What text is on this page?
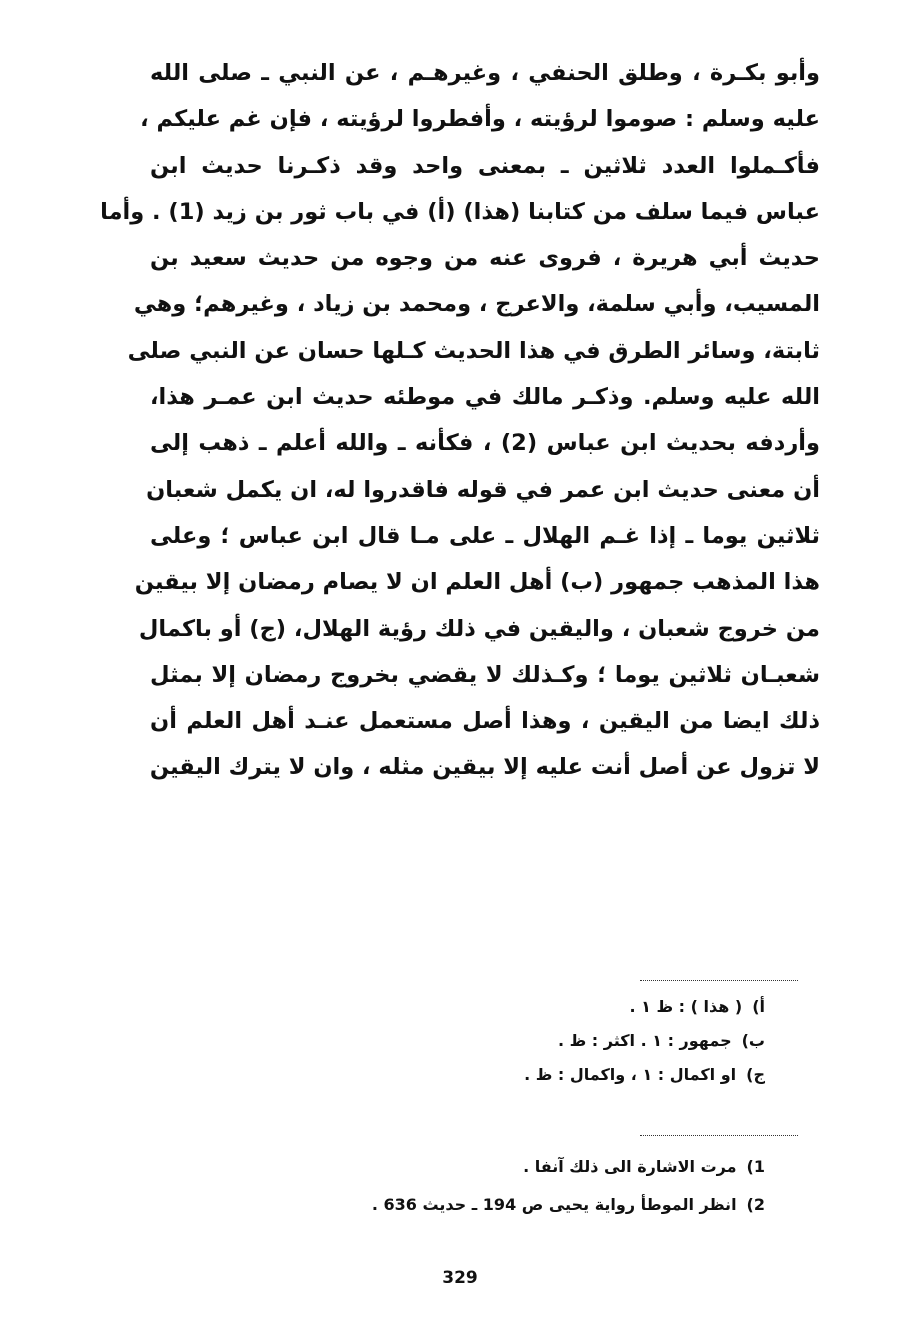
وأبو بكـرة ، وطلق الحنفي ، وغيرهـم ، عن النبي ـ صلى الله
عليه وسلم : صوموا لرؤيته ، وأفطروا لرؤيته ، فإن غم عليكم ،
فأكـملوا العدد ثلاثين ـ بمعنى واحد وقد ذكـرنا حديث ابن
عباس فيما سلف من كتابنا (هذا) (أ) في باب ثور بن زيد (1) . وأما
حديث أبي هريرة ، فروى عنه من وجوه من حديث سعيد بن
المسيب، وأبي سلمة، والاعرج ، ومحمد بن زياد ، وغيرهم؛ وهي
ثابتة، وسائر الطرق في هذا الحديث كـلها حسان عن النبي صلى
الله عليه وسلم. وذكـر مالك في موطئه حديث ابن عمـر هذا،
وأردفه بحديث ابن عباس (2) ، فكأنه ـ والله أعلم ـ ذهب إلى
أن معنى حديث ابن عمر في قوله فاقدروا له، ان يكمل شعبان
ثلاثين يوما ـ إذا غـم الهلال ـ على مـا قال ابن عباس ؛ وعلى
هذا المذهب جمهور (ب) أهل العلم ان لا يصام رمضان إلا بيقين
من خروج شعبان ، واليقين في ذلك رؤية الهلال، (ج) أو باكمال
شعبـان ثلاثين يوما ؛ وكـذلك لا يقضي بخروج رمضان إلا بمثل
ذلك ايضا من اليقين ، وهذا أصل مستعمل عنـد أهل العلم أن
لا تزول عن أصل أنت عليه إلا بيقين مثله ، وان لا يترك اليقين
أ)( هذا ) : ظ ١ .
ب)جمهور : ١ . اكثر : ظ .
ج)او اكمال : ١ ، واكمال : ظ .
1)مرت الاشارة الى ذلك آنفا .
2)انظر الموطأ رواية يحيى ص 194 ـ حديث 636 .
329
